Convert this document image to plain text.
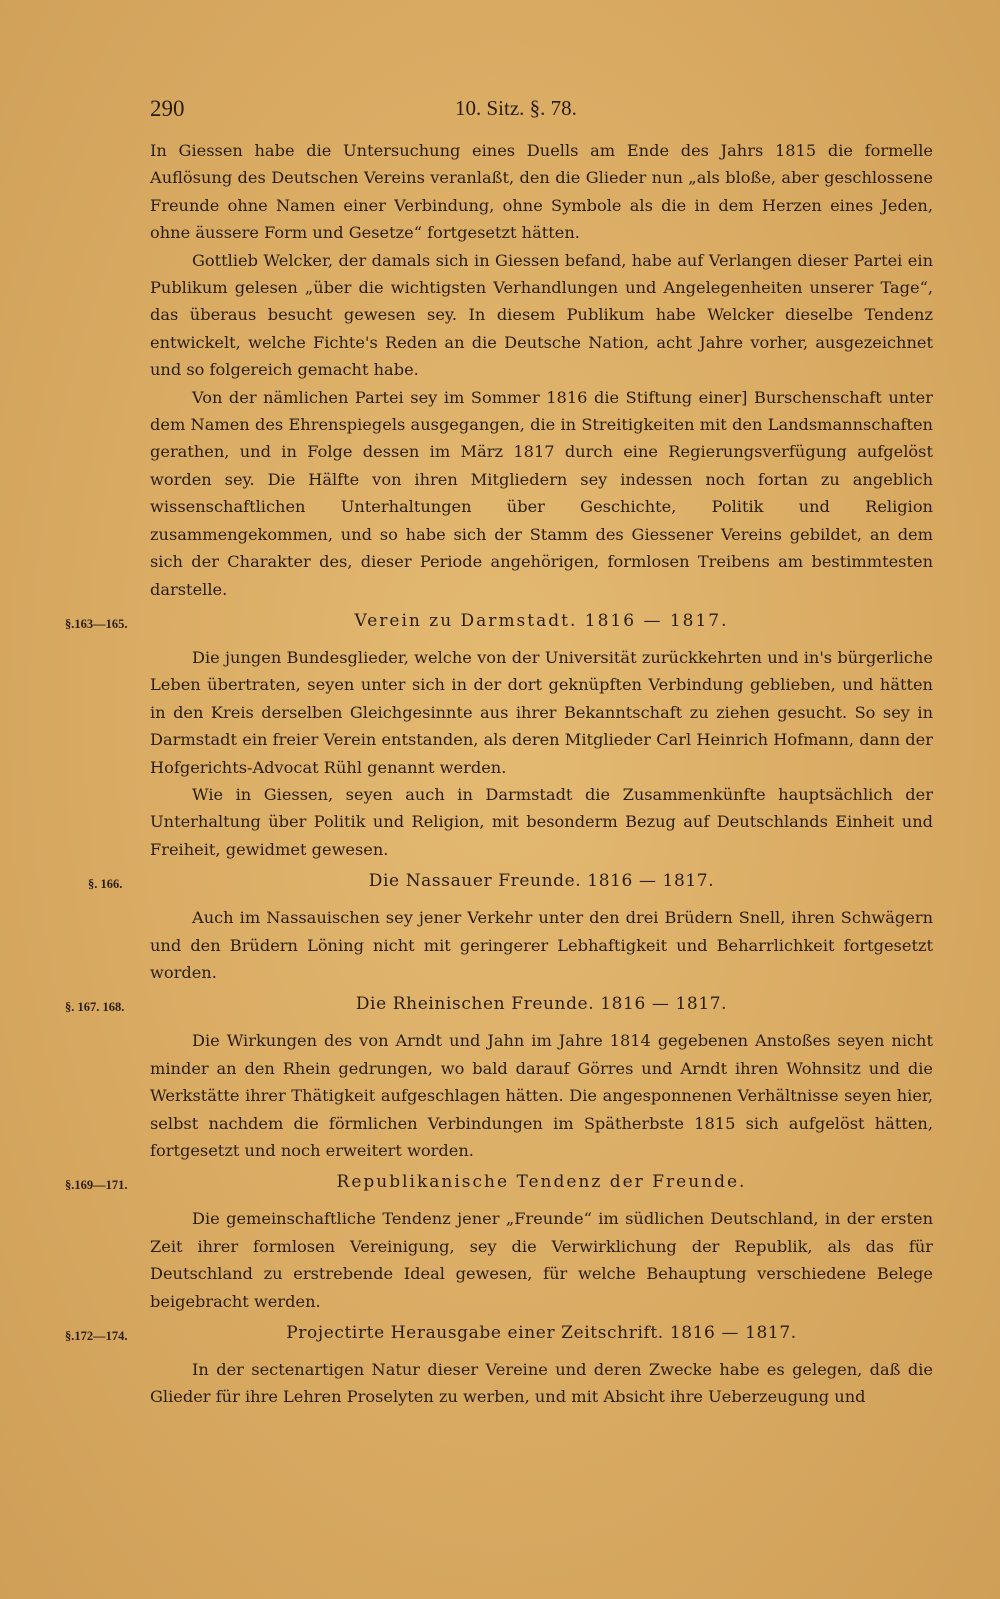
290	10. Sitz. §. 78.

In Giessen habe die Untersuchung eines Duells am Ende des Jahrs 1815 die formelle Auflösung des Deutschen Vereins veranlaßt, den die Glieder nun „als bloße, aber geschlossene Freunde ohne Namen einer Verbindung, ohne Symbole als die in dem Herzen eines Jeden, ohne äussere Form und Gesetze“ fortgesetzt hätten.

Gottlieb Welcker, der damals sich in Giessen befand, habe auf Verlangen dieser Partei ein Publikum gelesen „über die wichtigsten Verhandlungen und Angelegenheiten unserer Tage“, das überaus besucht gewesen sey. In diesem Publikum habe Welcker dieselbe Tendenz entwickelt, welche Fichte's Reden an die Deutsche Nation, acht Jahre vorher, ausgezeichnet und so folgereich gemacht habe.

Von der nämlichen Partei sey im Sommer 1816 die Stiftung einer] Burschenschaft unter dem Namen des Ehrenspiegels ausgegangen, die in Streitigkeiten mit den Landsmannschaften gerathen, und in Folge dessen im März 1817 durch eine Regierungsverfügung aufgelöst worden sey. Die Hälfte von ihren Mitgliedern sey indessen noch fortan zu angeblich wissenschaftlichen Unterhaltungen über Geschichte, Politik und Religion zusammengekommen, und so habe sich der Stamm des Giessener Vereins gebildet, an dem sich der Charakter des, dieser Periode angehörigen, formlosen Treibens am bestimmtesten darstelle.

§.163—165.	Verein zu Darmstadt. 1816 — 1817.

Die jungen Bundesglieder, welche von der Universität zurückkehrten und in's bürgerliche Leben übertraten, seyen unter sich in der dort geknüpften Verbindung geblieben, und hätten in den Kreis derselben Gleichgesinnte aus ihrer Bekanntschaft zu ziehen gesucht. So sey in Darmstadt ein freier Verein entstanden, als deren Mitglieder Carl Heinrich Hofmann, dann der Hofgerichts-Advocat Rühl genannt werden.

Wie in Giessen, seyen auch in Darmstadt die Zusammenkünfte hauptsächlich der Unterhaltung über Politik und Religion, mit besonderm Bezug auf Deutschlands Einheit und Freiheit, gewidmet gewesen.

§. 166.	Die Nassauer Freunde. 1816 — 1817.

Auch im Nassauischen sey jener Verkehr unter den drei Brüdern Snell, ihren Schwägern und den Brüdern Löning nicht mit geringerer Lebhaftigkeit und Beharrlichkeit fortgesetzt worden.

§. 167. 168.	Die Rheinischen Freunde. 1816 — 1817.

Die Wirkungen des von Arndt und Jahn im Jahre 1814 gegebenen Anstoßes seyen nicht minder an den Rhein gedrungen, wo bald darauf Görres und Arndt ihren Wohnsitz und die Werkstätte ihrer Thätigkeit aufgeschlagen hätten. Die angesponnenen Verhältnisse seyen hier, selbst nachdem die förmlichen Verbindungen im Spätherbste 1815 sich aufgelöst hätten, fortgesetzt und noch erweitert worden.

§.169—171.	Republikanische Tendenz der Freunde.

Die gemeinschaftliche Tendenz jener „Freunde“ im südlichen Deutschland, in der ersten Zeit ihrer formlosen Vereinigung, sey die Verwirklichung der Republik, als das für Deutschland zu erstrebende Ideal gewesen, für welche Behauptung verschiedene Belege beigebracht werden.

§.172—174.	Projectirte Herausgabe einer Zeitschrift. 1816 — 1817.

In der sectenartigen Natur dieser Vereine und deren Zwecke habe es gelegen, daß die Glieder für ihre Lehren Proselyten zu werben, und mit Absicht ihre Ueberzeugung und
